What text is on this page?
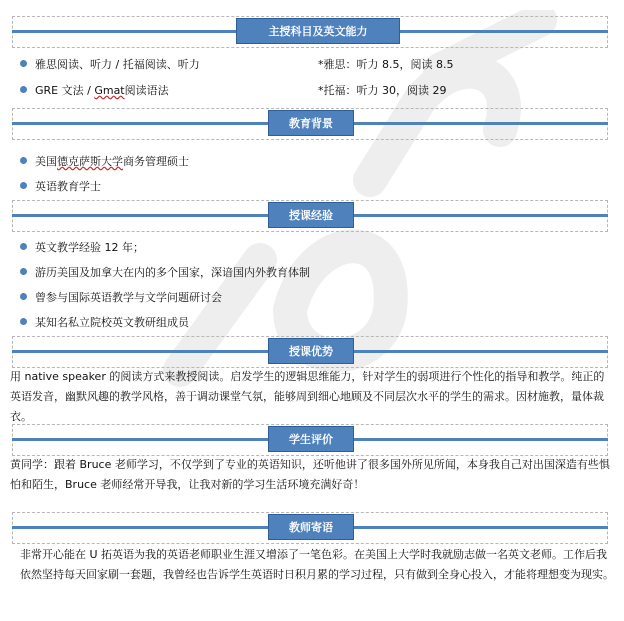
主授科目及英文能力
雅思阅读、听力 / 托福阅读、听力	*雅思：听力 8.5，阅读 8.5
GRE 文法 / Gmat阅读语法	*托福：听力 30，阅读 29
教育背景
美国德克萨斯大学商务管理硕士
英语教育学士
授课经验
英文教学经验 12 年；
游历美国及加拿大在内的多个国家，深谙国内外教育体制
曾参与国际英语教学与文学问题研讨会
某知名私立院校英文教研组成员
授课优势
用 native speaker 的阅读方式来教授阅读。启发学生的逻辑思维能力，针对学生的弱项进行个性化的指导和教学。纯正的英语发音，幽默风趣的教学风格，善于调动课堂气氛，能够周到细心地顾及不同层次水平的学生的需求。因材施教，量体裁衣。
学生评价
黄同学：跟着 Bruce 老师学习，不仅学到了专业的英语知识，还听他讲了很多国外所见所闻，本身我自己对出国深造有些惧怕和陌生，Bruce 老师经常开导我，让我对新的学习生活环境充满好奇！
教师寄语
非常开心能在 U 拓英语为我的英语老师职业生涯又增添了一笔色彩。在美国上大学时我就励志做一名英文老师。工作后我依然坚持每天回家刷一套题，我曾经也告诉学生英语时日积月累的学习过程，只有做到全身心投入，才能将理想变为现实。
